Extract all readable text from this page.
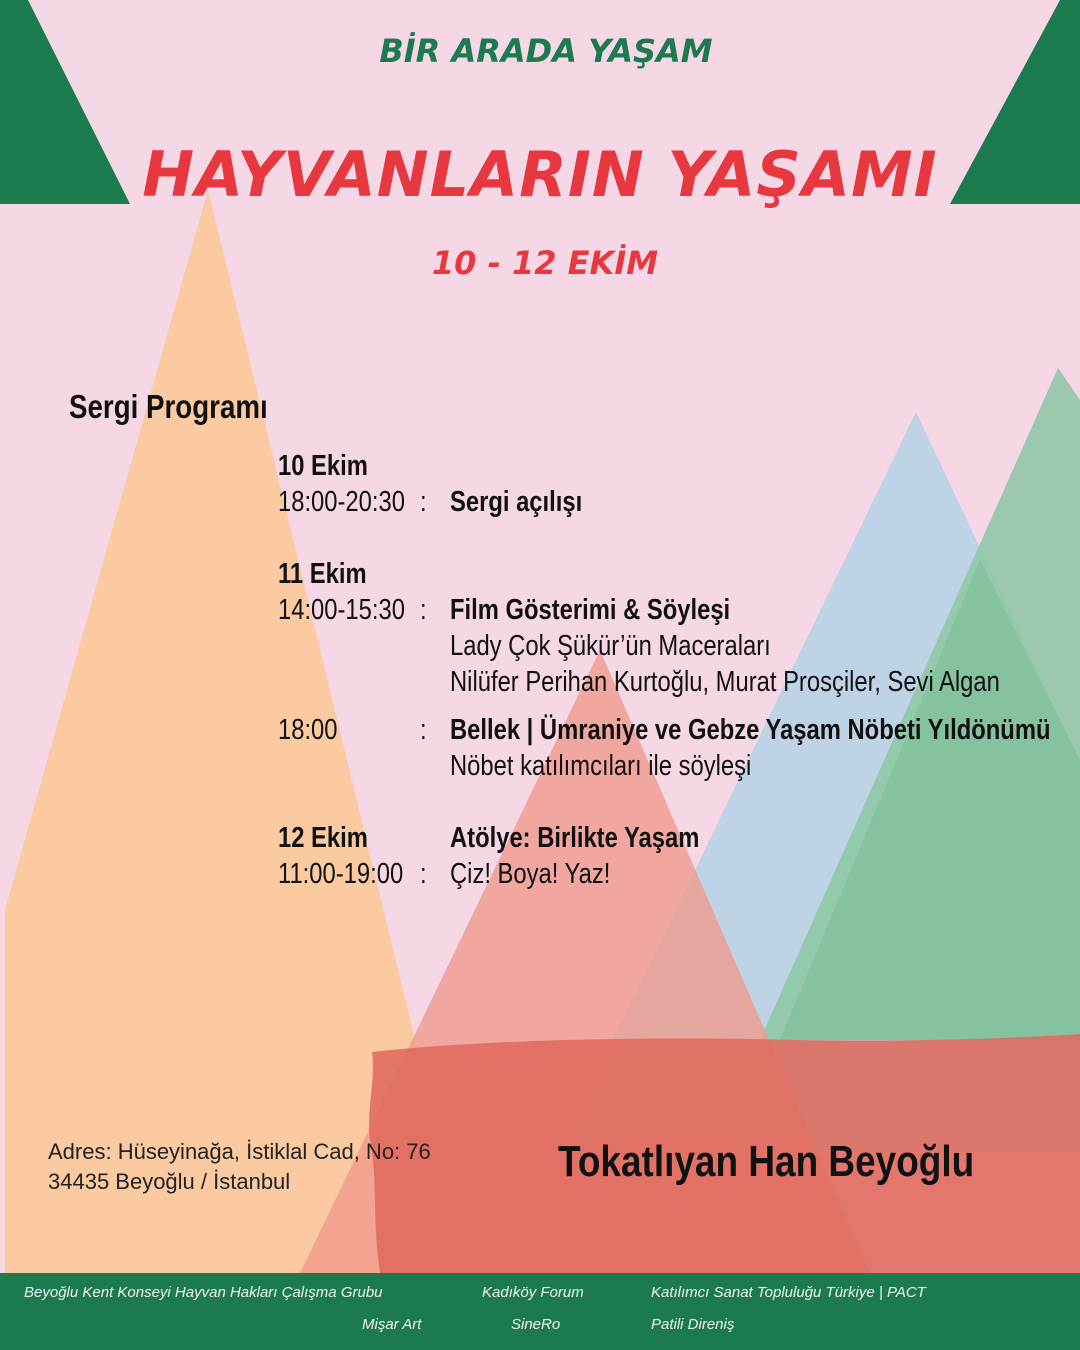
BİR ARADA YAŞAM
HAYVANLARIN YAŞAMI
10 - 12 EKİM
Sergi Programı
10 Ekim
18:00-20:30 : Sergi açılışı
11 Ekim
14:00-15:30 : Film Gösterimi & Söyleşi
Lady Çok Şükür’ün Maceraları
Nilüfer Perihan Kurtoğlu, Murat Prosçiler, Sevi Algan
18:00	: Bellek | Ümraniye ve Gebze Yaşam Nöbeti Yıldönümü
Nöbet katılımcıları ile söyleşi
12 Ekim	Atölye: Birlikte Yaşam
11:00-19:00 : Çiz! Boya! Yaz!
Adres: Hüseyinağa, İstiklal Cad, No: 76
34435 Beyoğlu / İstanbul	Tokatlıyan Han Beyoğlu
Beyoğlu Kent Konseyi Hayvan Hakları Çalışma Grubu	Kadıköy Forum	Katılımcı Sanat Topluluğu Türkiye | PACT
Mişar Art	SineRo	Patili Direniş
